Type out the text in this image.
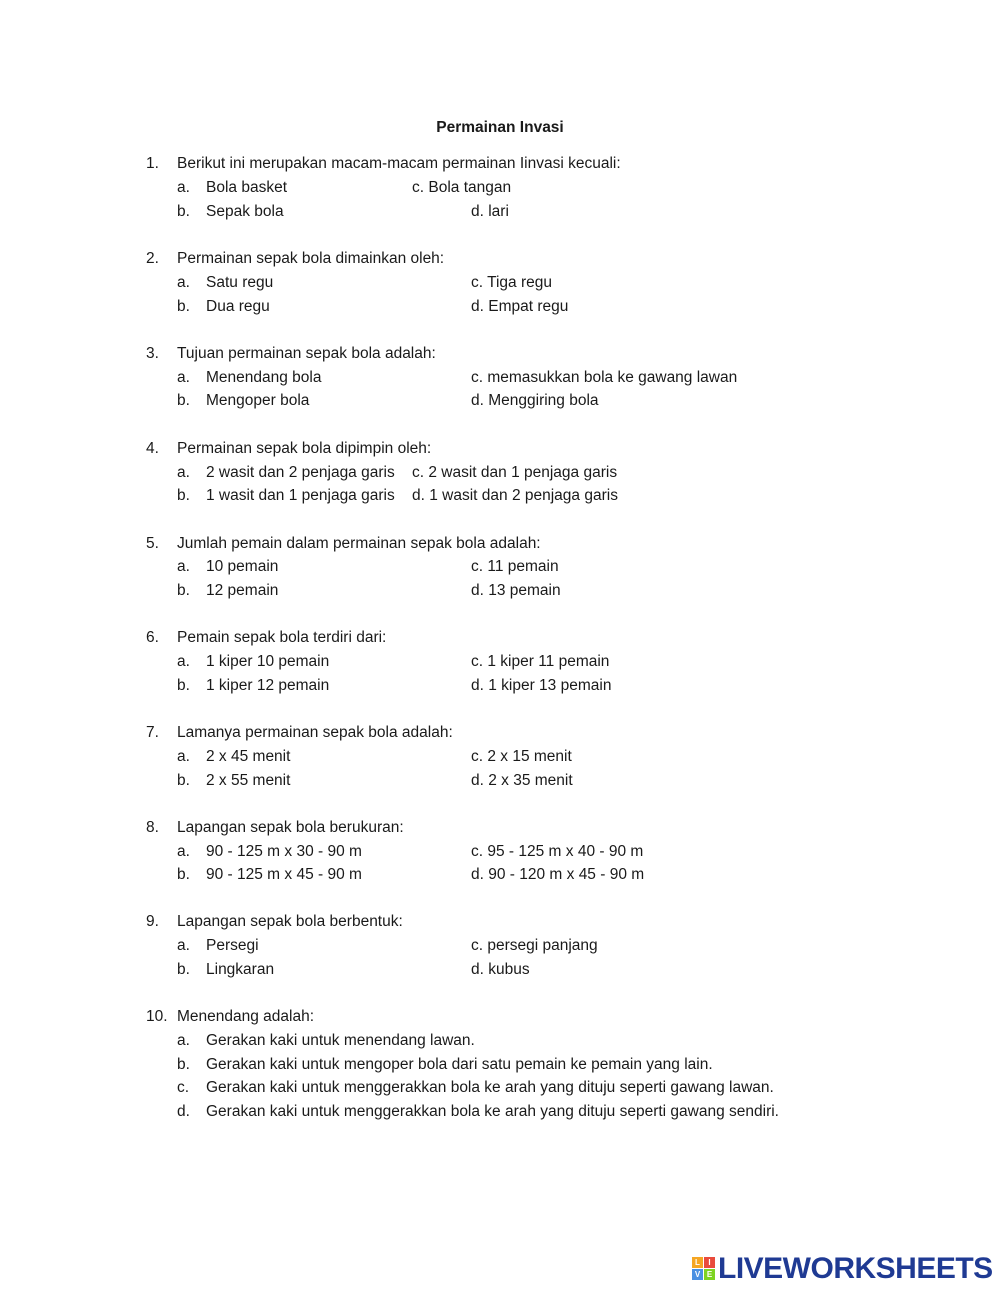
Permainan Invasi
1. Berikut ini merupakan macam-macam permainan Iinvasi kecuali:
a. Bola basket	c. Bola tangan
b. Sepak bola	d. lari
2. Permainan sepak bola dimainkan oleh:
a. Satu regu	c. Tiga regu
b. Dua regu	d. Empat regu
3. Tujuan permainan sepak bola adalah:
a. Menendang bola	c. memasukkan bola ke gawang lawan
b. Mengoper bola	d. Menggiring bola
4. Permainan sepak bola dipimpin oleh:
a. 2 wasit dan 2 penjaga garis c. 2 wasit dan 1 penjaga garis
b. 1 wasit dan 1 penjaga garis d. 1 wasit dan 2 penjaga garis
5. Jumlah pemain dalam permainan sepak bola adalah:
a. 10 pemain	c. 11 pemain
b. 12 pemain	d. 13 pemain
6. Pemain sepak bola terdiri dari:
a. 1 kiper 10 pemain	c. 1 kiper 11 pemain
b. 1 kiper 12 pemain	d. 1 kiper 13 pemain
7. Lamanya permainan sepak bola adalah:
a. 2 x 45 menit	c. 2 x 15 menit
b. 2 x 55 menit	d. 2 x 35 menit
8. Lapangan sepak bola berukuran:
a. 90 - 125 m x 30 - 90 m	c. 95 - 125 m x 40 - 90 m
b. 90 - 125 m x 45 - 90 m	d. 90 - 120 m x 45 - 90 m
9. Lapangan sepak bola berbentuk:
a. Persegi	c. persegi panjang
b. Lingkaran	d. kubus
10. Menendang adalah:
a. Gerakan kaki untuk menendang lawan.
b. Gerakan kaki untuk mengoper bola dari satu pemain ke pemain yang lain.
c. Gerakan kaki untuk menggerakkan bola ke arah yang dituju seperti gawang lawan.
d. Gerakan kaki untuk menggerakkan bola ke arah yang dituju seperti gawang sendiri.
L	I
V E LIVEWORKSHEETS
